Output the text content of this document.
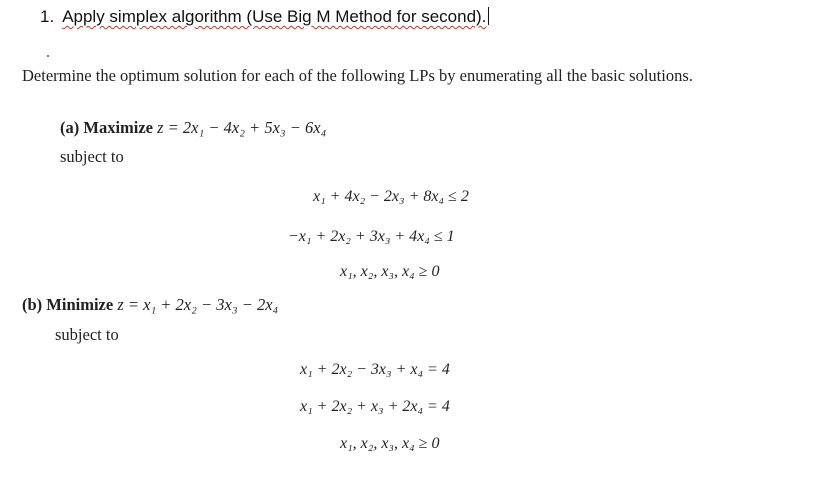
1. Apply simplex algorithm (Use Big M Method for second).
Determine the optimum solution for each of the following LPs by enumerating all the basic solutions.
(a) Maximize z = 2x₁ − 4x₂ + 5x₃ − 6x₄
subject to
x₁ + 4x₂ − 2x₃ + 8x₄ ≤ 2
−x₁ + 2x₂ + 3x₃ + 4x₄ ≤ 1
x₁, x₂, x₃, x₄ ≥ 0
(b) Minimize z = x₁ + 2x₂ − 3x₃ − 2x₄
subject to
x₁ + 2x₂ − 3x₃ + x₄ = 4
x₁ + 2x₂ + x₃ + 2x₄ = 4
x₁, x₂, x₃, x₄ ≥ 0
